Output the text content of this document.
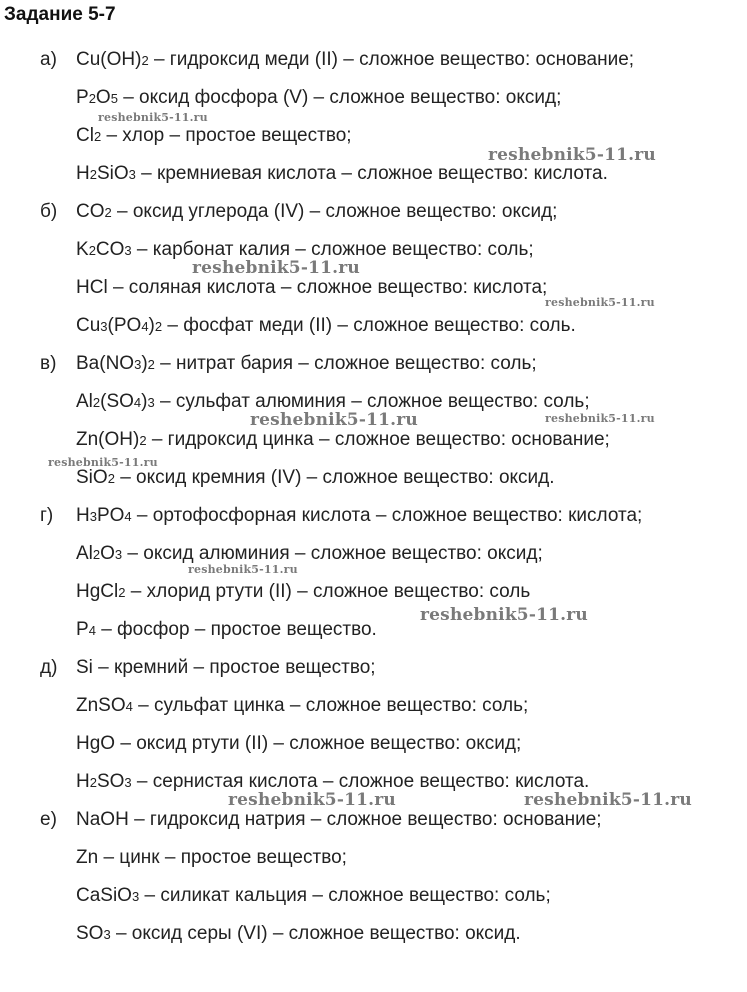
Задание 5-7
а) Cu(OH)2 – гидроксид меди (II) – сложное вещество: основание;
P2O5 – оксид фосфора (V) – сложное вещество: оксид;
Cl2 – хлор – простое вещество;
H2SiO3 – кремниевая кислота – сложное вещество: кислота.
б) CO2 – оксид углерода (IV) – сложное вещество: оксид;
K2CO3 – карбонат калия – сложное вещество: соль;
HCl – соляная кислота – сложное вещество: кислота;
Cu3(PO4)2 – фосфат меди (II) – сложное вещество: соль.
в) Ba(NO3)2 – нитрат бария – сложное вещество: соль;
Al2(SO4)3 – сульфат алюминия – сложное вещество: соль;
Zn(OH)2 – гидроксид цинка – сложное вещество: основание;
SiO2 – оксид кремния (IV) – сложное вещество: оксид.
г) H3PO4 – ортофосфорная кислота – сложное вещество: кислота;
Al2O3 – оксид алюминия – сложное вещество: оксид;
HgCl2 – хлорид ртути (II) – сложное вещество: соль
P4 – фосфор – простое вещество.
д) Si – кремний – простое вещество;
ZnSO4 – сульфат цинка – сложное вещество: соль;
HgO – оксид ртути (II) – сложное вещество: оксид;
H2SO3 – сернистая кислота – сложное вещество: кислота.
е) NaOH – гидроксид натрия – сложное вещество: основание;
Zn – цинк – простое вещество;
CaSiO3 – силикат кальция – сложное вещество: соль;
SO3 – оксид серы (VI) – сложное вещество: оксид.
reshebnik5-11.ru
reshebnik5-11.ru
reshebnik5-11.ru
reshebnik5-11.ru
reshebnik5-11.ru	reshebnik5-11.ru
reshebnik5-11.ru
reshebnik5-11.ru
reshebnik5-11.ru
reshebnik5-11.ru	reshebnik5-11.ru
